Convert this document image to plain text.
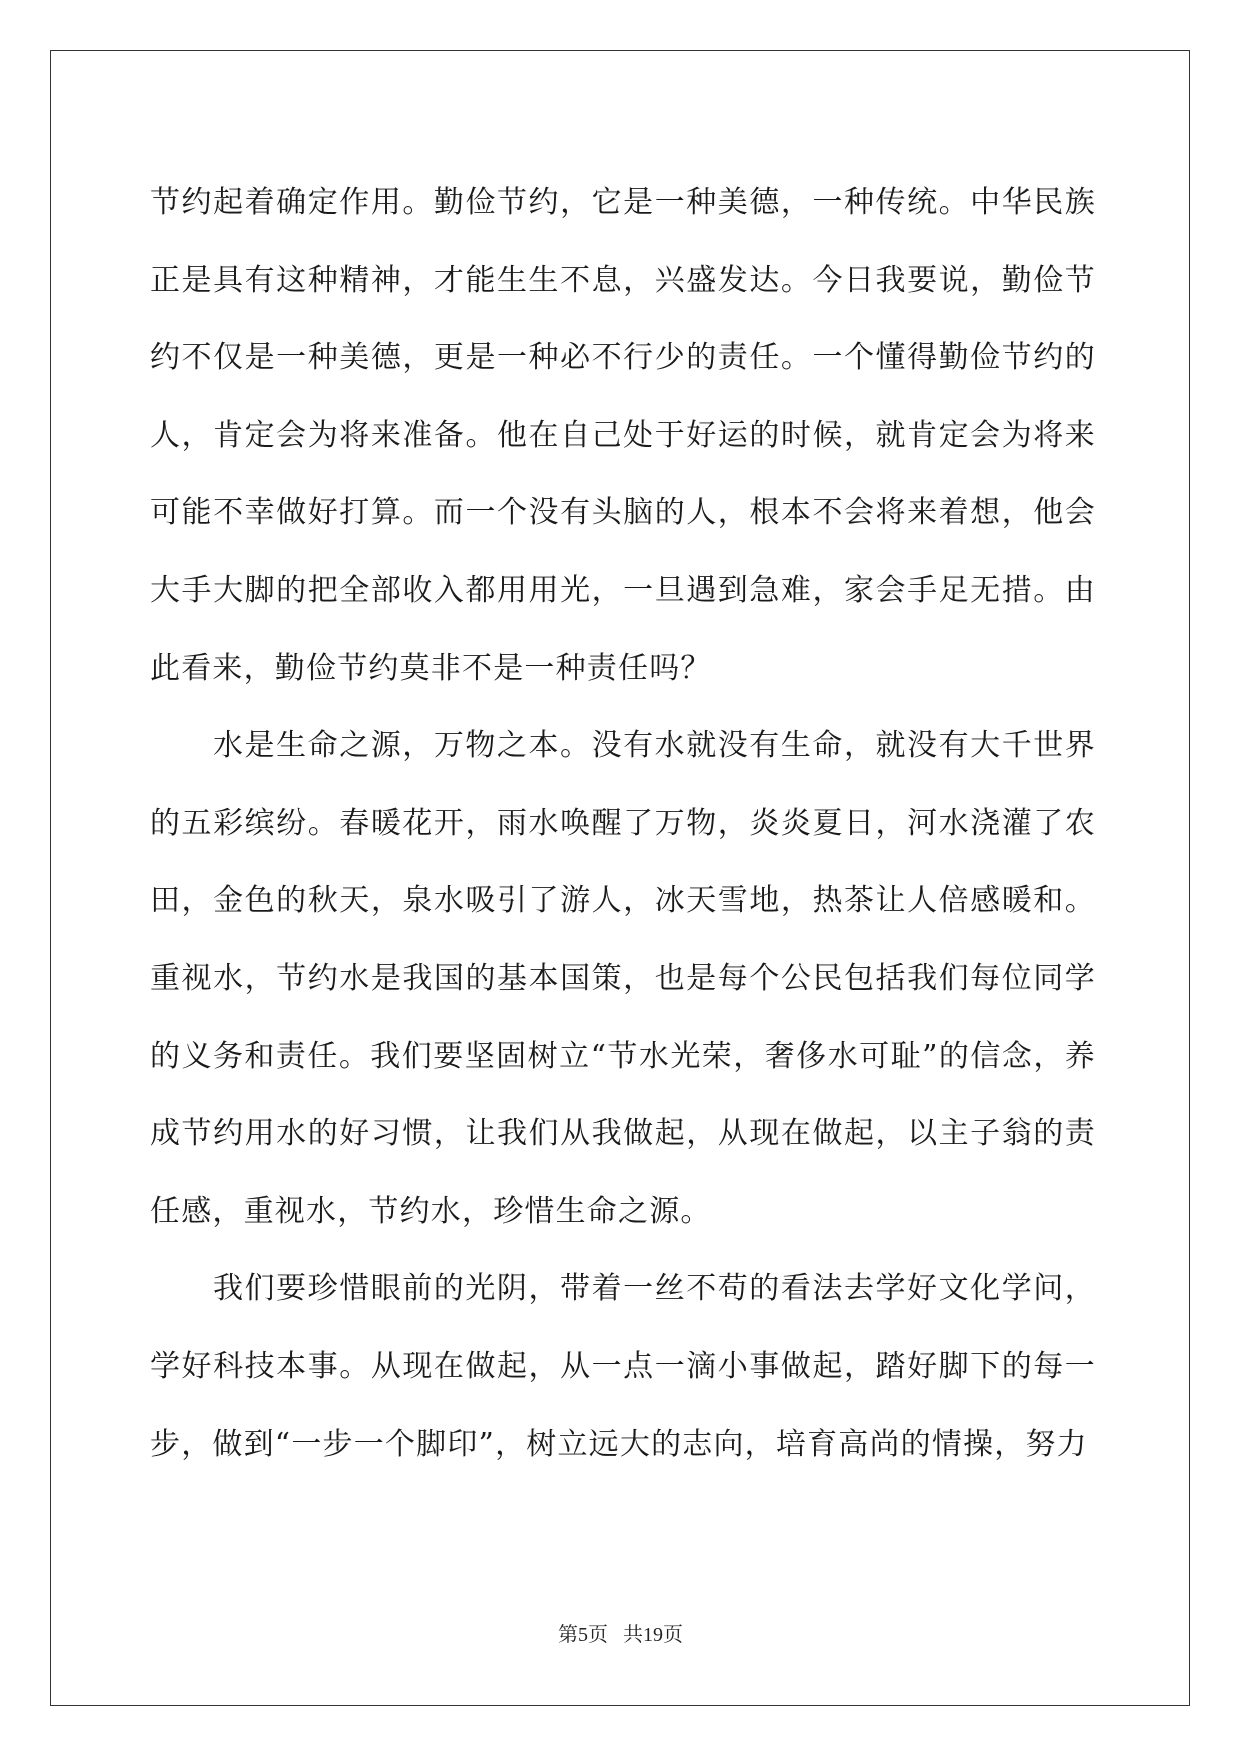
节约起着确定作用。勤俭节约，它是一种美德，一种传统。中华民族正是具有这种精神，才能生生不息，兴盛发达。今日我要说，勤俭节约不仅是一种美德，更是一种必不行少的责任。一个懂得勤俭节约的人，肯定会为将来准备。他在自己处于好运的时候，就肯定会为将来可能不幸做好打算。而一个没有头脑的人，根本不会将来着想，他会大手大脚的把全部收入都用用光，一旦遇到急难，家会手足无措。由此看来，勤俭节约莫非不是一种责任吗？

水是生命之源，万物之本。没有水就没有生命，就没有大千世界的五彩缤纷。春暖花开，雨水唤醒了万物，炎炎夏日，河水浇灌了农田，金色的秋天，泉水吸引了游人，冰天雪地，热茶让人倍感暖和。重视水，节约水是我国的基本国策，也是每个公民包括我们每位同学的义务和责任。我们要坚固树立“节水光荣，奢侈水可耻”的信念，养成节约用水的好习惯，让我们从我做起，从现在做起，以主子翁的责任感，重视水，节约水，珍惜生命之源。

我们要珍惜眼前的光阴，带着一丝不苟的看法去学好文化学问，学好科技本事。从现在做起，从一点一滴小事做起，踏好脚下的每一步，做到“一步一个脚印”，树立远大的志向，培育高尚的情操，努力

第5页 共19页
